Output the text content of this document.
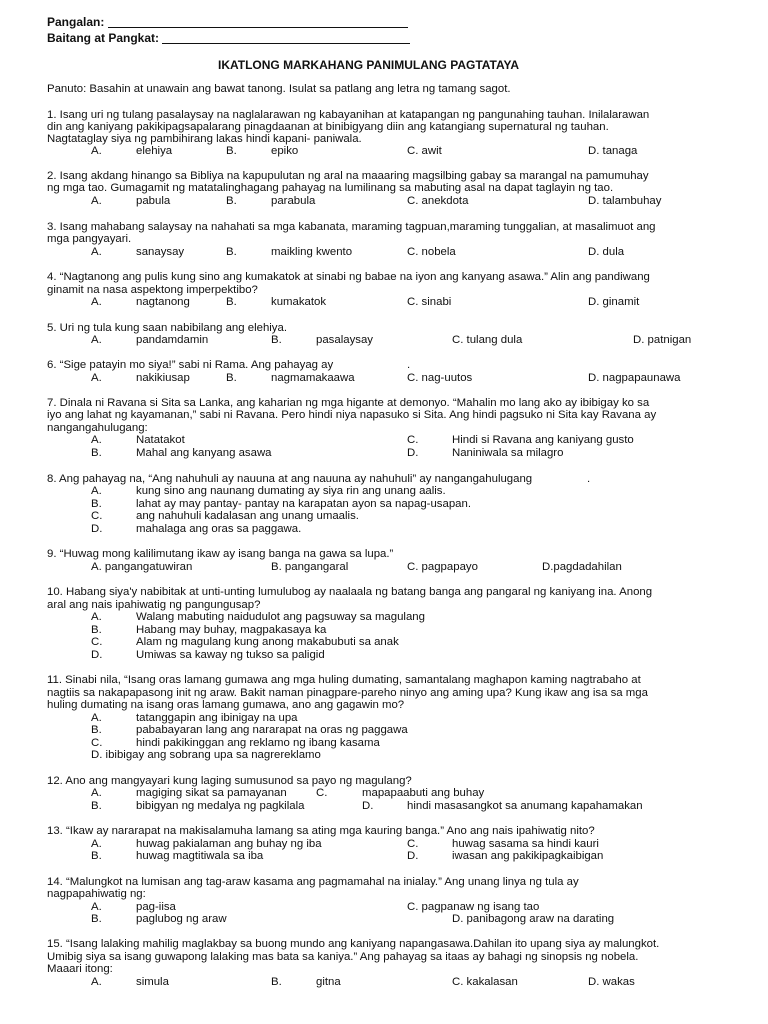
Pangalan:
Baitang at Pangkat:
IKATLONG MARKAHANG PANIMULANG PAGTATAYA
Panuto: Basahin at unawain ang bawat tanong. Isulat sa patlang ang letra ng tamang sagot.
1. Isang uri ng tulang pasalaysay na naglalarawan ng kabayanihan at katapangan ng pangunahing tauhan. Inilalarawan
din ang kaniyang pakikipagsapalarang pinagdaanan at binibigyang diin ang katangiang supernatural ng tauhan.
Nagtataglay siya ng pambihirang lakas hindi kapani- paniwala.
A.	elehiya	B.	epiko	C. awit	D. tanaga
2. Isang akdang hinango sa Bibliya na kapupulutan ng aral na maaaring magsilbing gabay sa marangal na pamumuhay
ng mga tao. Gumagamit ng matatalinghagang pahayag na lumilinang sa mabuting asal na dapat taglayin ng tao.
A.	pabula	B.	parabula	C. anekdota	D. talambuhay
3. Isang mahabang salaysay na nahahati sa mga kabanata, maraming tagpuan,maraming tunggalian, at masalimuot ang
mga pangyayari.
A.	sanaysay	B.	maikling kwento	C. nobela	D. dula
4. “Nagtanong ang pulis kung sino ang kumakatok at sinabi ng babae na iyon ang kanyang asawa.” Alin ang pandiwang
ginamit na nasa aspektong imperpektibo?
A.	nagtanong	B.	kumakatok	C. sinabi	D. ginamit
5. Uri ng tula kung saan nabibilang ang elehiya.
A.	pandamdamin	B.	pasalaysay	C. tulang dula	D. patnigan
6. “Sige patayin mo siya!” sabi ni Rama. Ang pahayag ay	.
A.	nakikiusap	B.	nagmamakaawa	C. nag-uutos	D. nagpapaunawa
7. Dinala ni Ravana si Sita sa Lanka, ang kaharian ng mga higante at demonyo. “Mahalin mo lang ako ay ibibigay ko sa
iyo ang lahat ng kayamanan,” sabi ni Ravana. Pero hindi niya napasuko si Sita. Ang hindi pagsuko ni Sita kay Ravana ay
nangangahulugang:
A.	Natatakot	C.	Hindi si Ravana ang kaniyang gusto
B.	Mahal ang kanyang asawa	D.	Naniniwala sa milagro
8. Ang pahayag na, “Ang nahuhuli ay nauuna at ang nauuna ay nahuhuli” ay nangangahulugang	.
A.	kung sino ang naunang dumating ay siya rin ang unang aalis.
B.	lahat ay may pantay- pantay na karapatan ayon sa napag-usapan.
C.	ang nahuhuli kadalasan ang unang umaalis.
D.	mahalaga ang oras sa paggawa.
9. “Huwag mong kalilimutang ikaw ay isang banga na gawa sa lupa.”
A. pangangatuwiran	B. pangangaral	C. pagpapayo	D.pagdadahilan
10. Habang siya'y nabibitak at unti-unting lumulubog ay naalaala ng batang banga ang pangaral ng kaniyang ina. Anong
aral ang nais ipahiwatig ng pangungusap?
A.	Walang mabuting naidudulot ang pagsuway sa magulang
B.	Habang may buhay, magpakasaya ka
C.	Alam ng magulang kung anong makabubuti sa anak
D.	Umiwas sa kaway ng tukso sa paligid
11. Sinabi nila, “Isang oras lamang gumawa ang mga huling dumating, samantalang maghapon kaming nagtrabaho at
nagtiis sa nakapapasong init ng araw. Bakit naman pinagpare-pareho ninyo ang aming upa? Kung ikaw ang isa sa mga
huling dumating na isang oras lamang gumawa, ano ang gagawin mo?
A.	tatanggapin ang ibinigay na upa
B.	pababayaran lang ang nararapat na oras ng paggawa
C.	hindi pakikinggan ang reklamo ng ibang kasama
D. ibibigay ang sobrang upa sa nagrereklamo
12. Ano ang mangyayari kung laging sumusunod sa payo ng magulang?
A.	magiging sikat sa pamayanan	C.	mapapaabuti ang buhay
B.	bibigyan ng medalya ng pagkilala	D.	hindi masasangkot sa anumang kapahamakan
13. “Ikaw ay nararapat na makisalamuha lamang sa ating mga kauring banga.” Ano ang nais ipahiwatig nito?
A.	huwag pakialaman ang buhay ng iba	C.	huwag sasama sa hindi kauri
B.	huwag magtitiwala sa iba	D.	iwasan ang pakikipagkaibigan
14. “Malungkot na lumisan ang tag-araw kasama ang pagmamahal na inialay.” Ang unang linya ng tula ay
nagpapahiwatig ng:
A.	pag-iisa	C. pagpanaw ng isang tao
B.	paglubog ng araw	D. panibagong araw na darating
15. “Isang lalaking mahilig maglakbay sa buong mundo ang kaniyang napangasawa.Dahilan ito upang siya ay malungkot.
Umibig siya sa isang guwapong lalaking mas bata sa kaniya.” Ang pahayag sa itaas ay bahagi ng sinopsis ng nobela.
Maaari itong:
A.	simula	B.	gitna	C. kakalasan	D. wakas
